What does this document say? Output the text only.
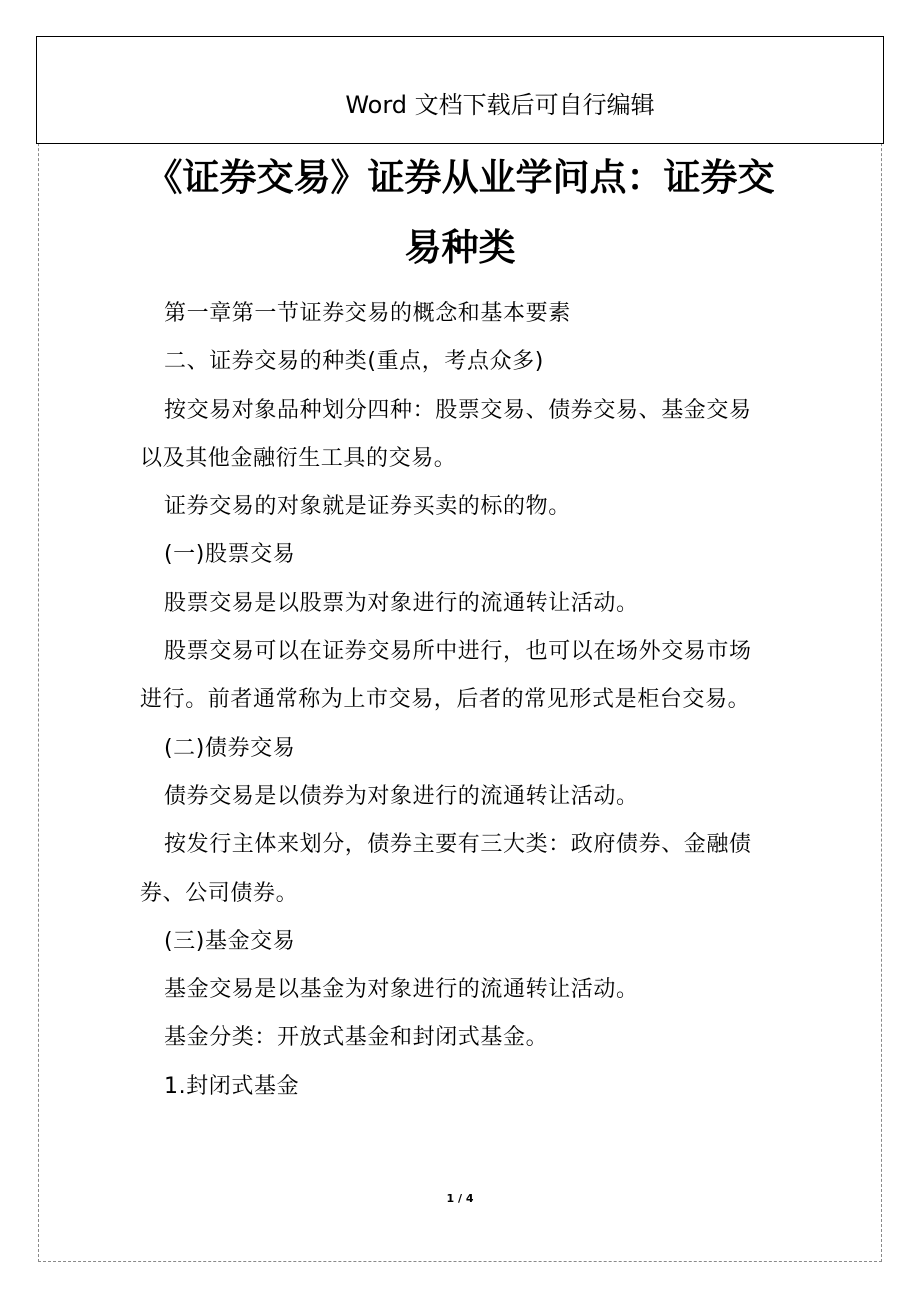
Word 文档下载后可自行编辑
《证券交易》证券从业学问点：证券交易种类

第一章第一节证券交易的概念和基本要素

二、证券交易的种类(重点，考点众多)

按交易对象品种划分四种：股票交易、债券交易、基金交易以及其他金融衍生工具的交易。

证券交易的对象就是证券买卖的标的物。

(一)股票交易

股票交易是以股票为对象进行的流通转让活动。

股票交易可以在证券交易所中进行，也可以在场外交易市场进行。前者通常称为上市交易，后者的常见形式是柜台交易。

(二)债券交易

债券交易是以债券为对象进行的流通转让活动。

按发行主体来划分，债券主要有三大类：政府债券、金融债券、公司债券。

(三)基金交易

基金交易是以基金为对象进行的流通转让活动。

基金分类：开放式基金和封闭式基金。

1.封闭式基金

1 / 4
